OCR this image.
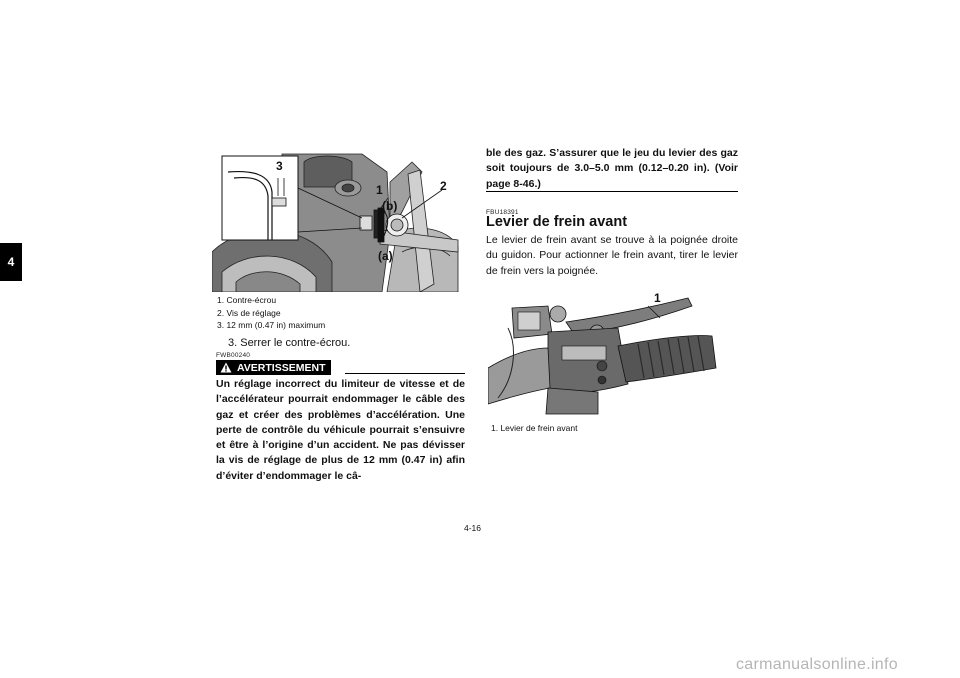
4
3
1	2
(b)
(a)
1. Contre-écrou
2. Vis de réglage
3. 12 mm (0.47 in) maximum
3. Serrer le contre-écrou.
FWB00240
AVERTISSEMENT

Un réglage incorrect du limiteur de vitesse et de l’accélérateur pourrait endommager le câble des gaz et créer des problèmes d’accélération. Une perte de contrôle du véhicule pourrait s’ensuivre et être à l’origine d’un accident. Ne pas dévisser la vis de réglage de plus de 12 mm (0.47 in) afin d’éviter d’endommager le câ-

ble des gaz. S’assurer que le jeu du levier des gaz soit toujours de 3.0–5.0 mm (0.12–0.20 in). (Voir page 8-46.)

FBU18391
Levier de frein avant

Le levier de frein avant se trouve à la poignée droite du guidon. Pour actionner le frein avant, tirer le levier de frein vers la poignée.

1
1. Levier de frein avant
4-16
carmanualsonline.info
